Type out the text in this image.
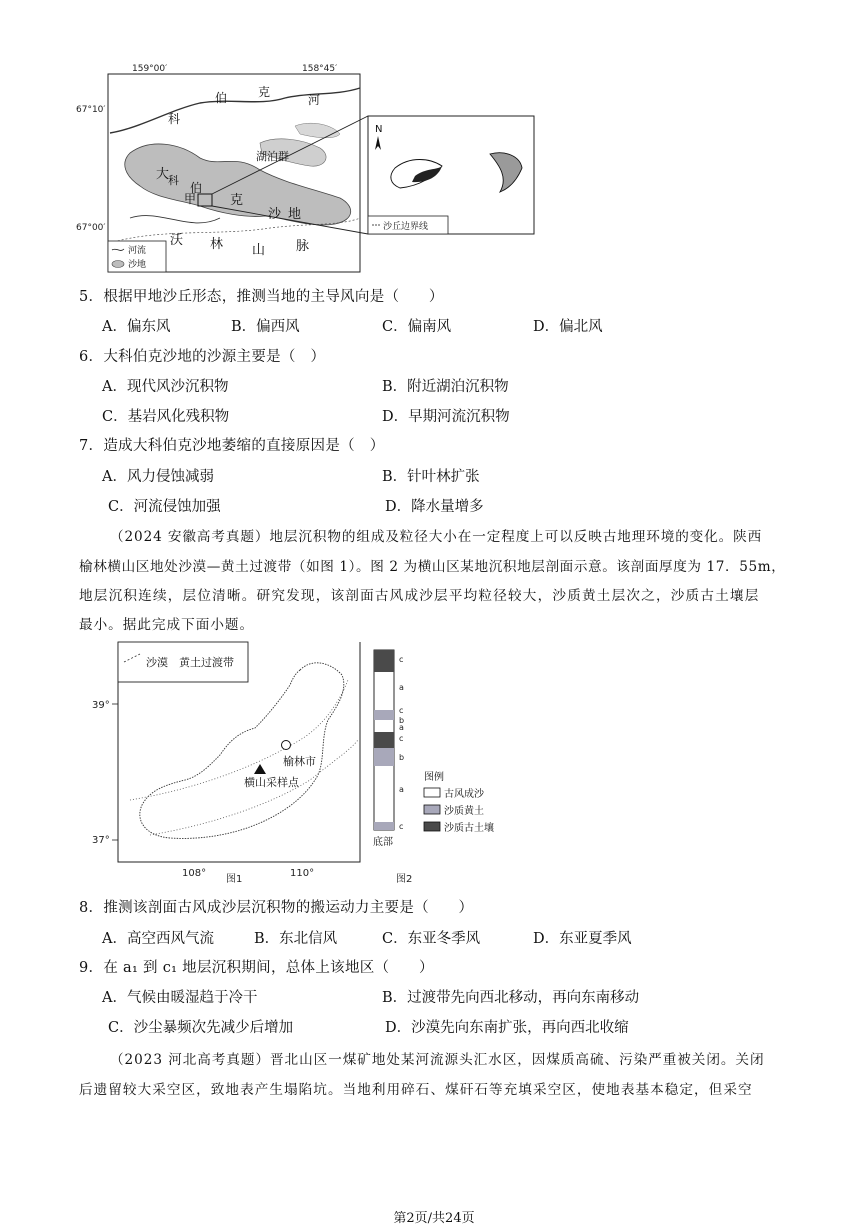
N
沙丘边界线
159°00′	158°45′
67°10′
67°00′
科
伯	克
河
湖泊群
大
科
伯
克
沙 地
甲
沃 林 山 脉
河流
沙地
5．根据甲地沙丘形态，推测当地的主导风向是（　　）
A．偏东风	B．偏西风	C．偏南风	D．偏北风
6．大科伯克沙地的沙源主要是（　）
A．现代风沙沉积物	B．附近湖泊沉积物
C．基岩风化残积物	D．早期河流沉积物
7．造成大科伯克沙地萎缩的直接原因是（　）
A．风力侵蚀减弱	B．针叶林扩张
C．河流侵蚀加强	D．降水量增多
（2024 安徽高考真题）地层沉积物的组成及粒径大小在一定程度上可以反映古地理环境的变化。陕西
榆林横山区地处沙漠—黄土过渡带（如图 1）。图 2 为横山区某地沉积地层剖面示意。该剖面厚度为 17．55m，
地层沉积连续，层位清晰。研究发现，该剖面古风成沙层平均粒径较大，沙质黄土层次之，沙质古土壤层
最小。据此完成下面小题。
沙漠　黄土过渡带
榆林市
横山采样点
39°
37°
108°	110°
图1
c
a
c
b
a
c
b
a
c
底部
图2
图例
古风成沙
沙质黄土
沙质古土壤
8．推测该剖面古风成沙层沉积物的搬运动力主要是（　　）
A．高空西风气流	B．东北信风	C．东亚冬季风	D．东亚夏季风
9．在 a₁ 到 c₁ 地层沉积期间，总体上该地区（　　）
A．气候由暖湿趋于冷干	B．过渡带先向西北移动，再向东南移动
C．沙尘暴频次先减少后增加	D．沙漠先向东南扩张，再向西北收缩
（2023 河北高考真题）晋北山区一煤矿地处某河流源头汇水区，因煤质高硫、污染严重被关闭。关闭
后遗留较大采空区，致地表产生塌陷坑。当地利用碎石、煤矸石等充填采空区，使地表基本稳定，但采空
第2页/共24页
